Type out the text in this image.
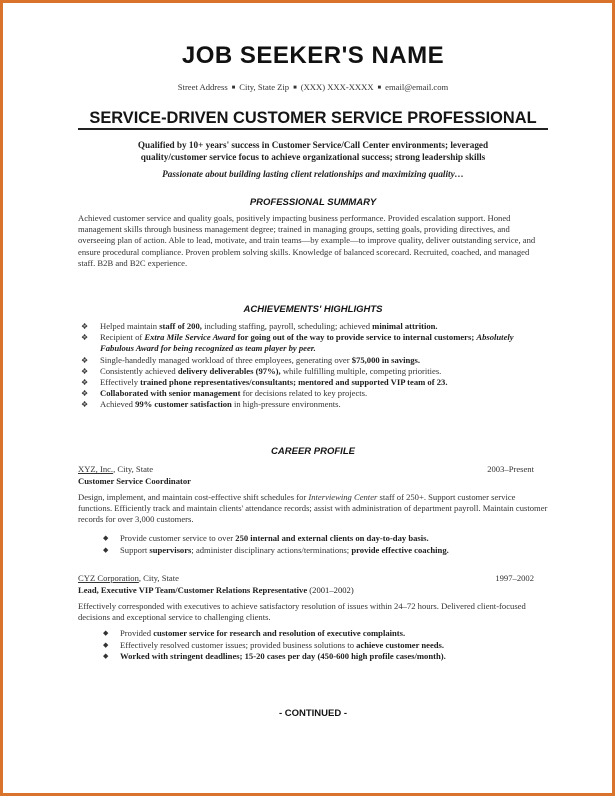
JOB SEEKER'S NAME
Street Address ■ City, State Zip ■ (XXX) XXX-XXXX ■ email@email.com
SERVICE-DRIVEN CUSTOMER SERVICE PROFESSIONAL
Qualified by 10+ years' success in Customer Service/Call Center environments; leveraged
quality/customer service focus to achieve organizational success; strong leadership skills
Passionate about building lasting client relationships and maximizing quality…
PROFESSIONAL SUMMARY
Achieved customer service and quality goals, positively impacting business performance. Provided escalation support. Honed management skills through business management degree; trained in managing groups, setting goals, providing directives, and overseeing plan of action. Able to lead, motivate, and train teams—by example—to improve quality, deliver outstanding service, and ensure procedural compliance. Proven problem solving skills. Knowledge of balanced scorecard. Recruited, coached, and managed staff. B2B and B2C experience.
ACHIEVEMENTS' HIGHLIGHTS
❖ Helped maintain staff of 200, including staffing, payroll, scheduling; achieved minimal attrition.
❖ Recipient of Extra Mile Service Award for going out of the way to provide service to internal customers; Absolutely Fabulous Award for being recognized as team player by peer.
❖ Single-handedly managed workload of three employees, generating over $75,000 in savings.
❖ Consistently achieved delivery deliverables (97%), while fulfilling multiple, competing priorities.
❖ Effectively trained phone representatives/consultants; mentored and supported VIP team of 23.
❖ Collaborated with senior management for decisions related to key projects.
❖ Achieved 99% customer satisfaction in high-pressure environments.
CAREER PROFILE
XYZ, Inc., City, State	2003–Present
Customer Service Coordinator
Design, implement, and maintain cost-effective shift schedules for Interviewing Center staff of 250+. Support customer service functions. Efficiently track and maintain clients' attendance records; assist with administration of department payroll. Maintain customer records for over 3,000 customers.
◆ Provide customer service to over 250 internal and external clients on day-to-day basis.
◆ Support supervisors; administer disciplinary actions/terminations; provide effective coaching.
CYZ Corporation, City, State	1997–2002
Lead, Executive VIP Team/Customer Relations Representative (2001–2002)
Effectively corresponded with executives to achieve satisfactory resolution of issues within 24–72 hours. Delivered client-focused decisions and exceptional service to challenging clients.
◆ Provided customer service for research and resolution of executive complaints.
◆ Effectively resolved customer issues; provided business solutions to achieve customer needs.
◆ Worked with stringent deadlines; 15-20 cases per day (450-600 high profile cases/month).
- CONTINUED -
